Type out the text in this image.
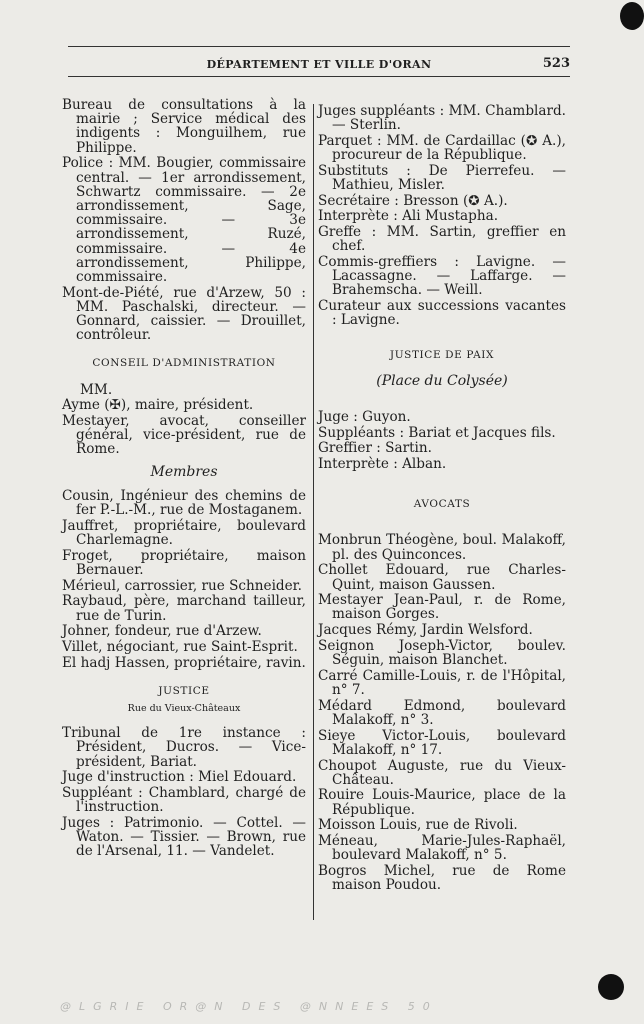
DÉPARTEMENT ET VILLE D'ORAN	523

Bureau de consultations à la mairie ; Service médical des indigents : Monguilhem, rue Philippe.

Police : MM. Bougier, commissaire central. — 1er arrondissement, Schwartz commissaire. — 2e arrondissement, Sage, commissaire. — 3e arrondissement, Ruzé, commissaire. — 4e arrondissement, Philippe, commissaire.

Mont-de-Piété, rue d'Arzew, 50 : MM. Paschalski, directeur. — Gonnard, caissier. — Drouillet, contrôleur.

CONSEIL D'ADMINISTRATION

MM.

Ayme (✠), maire, président.

Mestayer, avocat, conseiller général, vice-président, rue de Rome.

Membres

Cousin, Ingénieur des chemins de fer P.-L.-M., rue de Mostaganem.

Jauffret, propriétaire, boulevard Charlemagne.

Froget, propriétaire, maison Bernauer.

Mérieul, carrossier, rue Schneider.

Raybaud, père, marchand tailleur, rue de Turin.

Johner, fondeur, rue d'Arzew.

Villet, négociant, rue Saint-Esprit.

El hadj Hassen, propriétaire, ravin.

JUSTICE
Rue du Vieux-Châteaux

Tribunal de 1re instance : Président, Ducros. — Vice-président, Bariat.

Juge d'instruction : Miel Edouard.

Suppléant : Chamblard, chargé de l'instruction.

Juges : Patrimonio. — Cottel. — Waton. — Tissier. — Brown, rue de l'Arsenal, 11. — Vandelet.

Juges suppléants : MM. Chamblard. — Sterlin.

Parquet : MM. de Cardaillac (✪ A.), procureur de la République.

Substituts : De Pierrefeu. — Mathieu, Misler.

Secrétaire : Bresson (✪ A.).

Interprète : Ali Mustapha.

Greffe : MM. Sartin, greffier en chef.

Commis-greffiers : Lavigne. — Lacassagne. — Laffarge. — Brahemscha. — Weill.

Curateur aux successions vacantes : Lavigne.

JUSTICE DE PAIX
(Place du Colysée)

Juge : Guyon.

Suppléants : Bariat et Jacques fils.

Greffier : Sartin.

Interprète : Alban.

AVOCATS

Monbrun Théogène, boul. Malakoff, pl. des Quinconces.

Chollet Edouard, rue Charles-Quint, maison Gaussen.

Mestayer Jean-Paul, r. de Rome, maison Gorges.

Jacques Rémy, Jardin Welsford.

Seignon Joseph-Victor, boulev. Séguin, maison Blanchet.

Carré Camille-Louis, r. de l'Hôpital, n° 7.

Médard Edmond, boulevard Malakoff, n° 3.

Sieye Victor-Louis, boulevard Malakoff, n° 17.

Choupot Auguste, rue du Vieux-Château.

Rouire Louis-Maurice, place de la République.

Moisson Louis, rue de Rivoli.

Méneau, Marie-Jules-Raphaël, boulevard Malakoff, n° 5.

Bogros Michel, rue de Rome maison Poudou.

@LGRIE OR@N DES @NNEES 50
